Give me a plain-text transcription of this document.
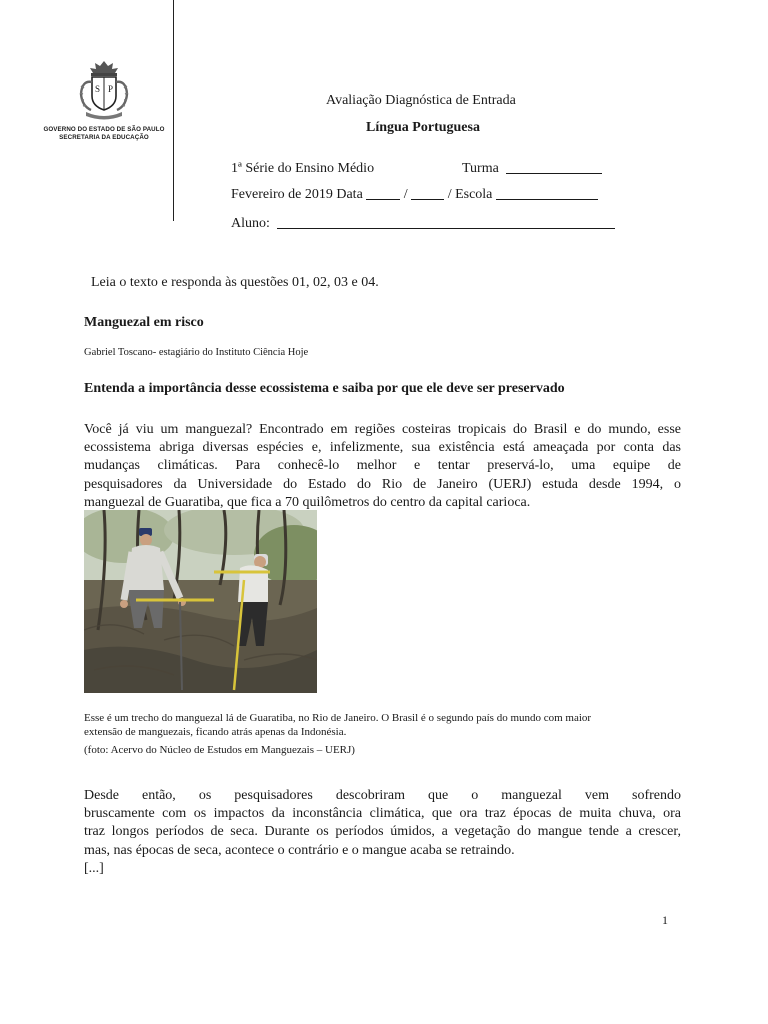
S P
GOVERNO DO ESTADO DE SÃO PAULO
SECRETARIA DA EDUCAÇÃO
Avaliação Diagnóstica de Entrada
Língua Portuguesa
1ª Série do Ensino Médio	Turma
Fevereiro de 2019 Data	/	/ Escola
Aluno:
Leia o texto e responda às questões 01, 02, 03 e 04.
Manguezal em risco
Gabriel Toscano- estagiário do Instituto Ciência Hoje
Entenda a importância desse ecossistema e saiba por que ele deve ser preservado

Você já viu um manguezal? Encontrado em regiões costeiras tropicais do Brasil e do mundo, esse
ecossistema abriga diversas espécies e, infelizmente, sua existência está ameaçada por conta das
mudanças climáticas. Para conhecê-lo melhor e tentar preservá-lo, uma equipe de
pesquisadores da Universidade do Estado do Rio de Janeiro (UERJ) estuda desde 1994, o
manguezal de Guaratiba, que fica a 70 quilômetros do centro da capital carioca.

Esse é um trecho do manguezal lá de Guaratiba, no Rio de Janeiro. O Brasil é o segundo país do mundo com maior
extensão de manguezais, ficando atrás apenas da Indonésia.
(foto: Acervo do Núcleo de Estudos em Manguezais – UERJ)

Desde então, os pesquisadores descobriram que o manguezal vem sofrendo
bruscamente com os impactos da inconstância climática, que ora traz épocas de muita chuva, ora
traz longos períodos de seca. Durante os períodos úmidos, a vegetação do mangue tende a crescer,
mas, nas épocas de seca, acontece o contrário e o mangue acaba se retraindo.
[...]

1
